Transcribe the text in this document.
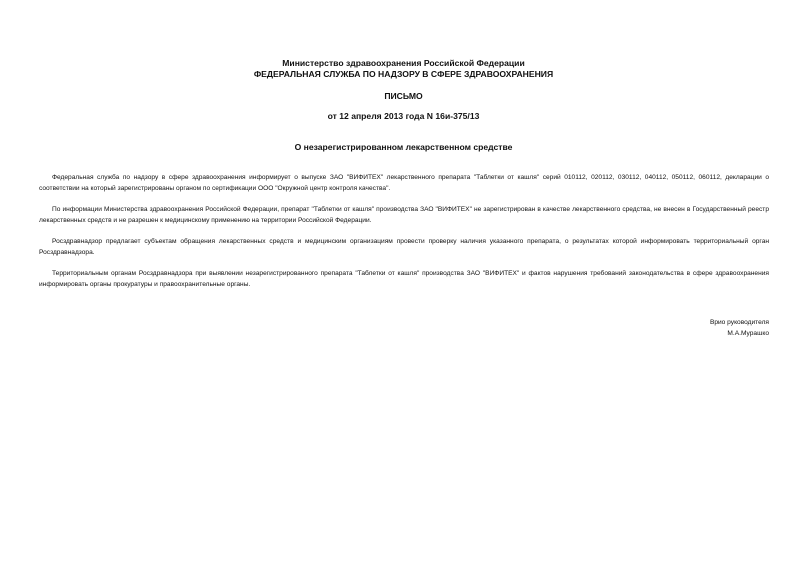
Министерство здравоохранения Российской Федерации
ФЕДЕРАЛЬНАЯ СЛУЖБА ПО НАДЗОРУ В СФЕРЕ ЗДРАВООХРАНЕНИЯ
ПИСЬМО
от 12 апреля 2013 года N 16и-375/13
О незарегистрированном лекарственном средстве

Федеральная служба по надзору в сфере здравоохранения информирует о выпуске ЗАО "ВИФИТЕХ" лекарственного препарата "Таблетки от кашля" серий 010112, 020112, 030112, 040112, 050112, 060112, декларации о соответствии на который зарегистрированы органом по сертификации ООО "Окружной центр контроля качества".

По информации Министерства здравоохранения Российской Федерации, препарат "Таблетки от кашля" производства ЗАО "ВИФИТЕХ" не зарегистрирован в качестве лекарственного средства, не внесен в Государственный реестр лекарственных средств и не разрешен к медицинскому применению на территории Российской Федерации.

Росздравнадзор предлагает субъектам обращения лекарственных средств и медицинским организациям провести проверку наличия указанного препарата, о результатах которой информировать территориальный орган Росздравнадзора.

Территориальным органам Росздравнадзора при выявлении незарегистрированного препарата "Таблетки от кашля" производства ЗАО "ВИФИТЕХ" и фактов нарушения требований законодательства в сфере здравоохранения информировать органы прокуратуры и правоохранительные органы.

Врио руководителя
М.А.Мурашко
